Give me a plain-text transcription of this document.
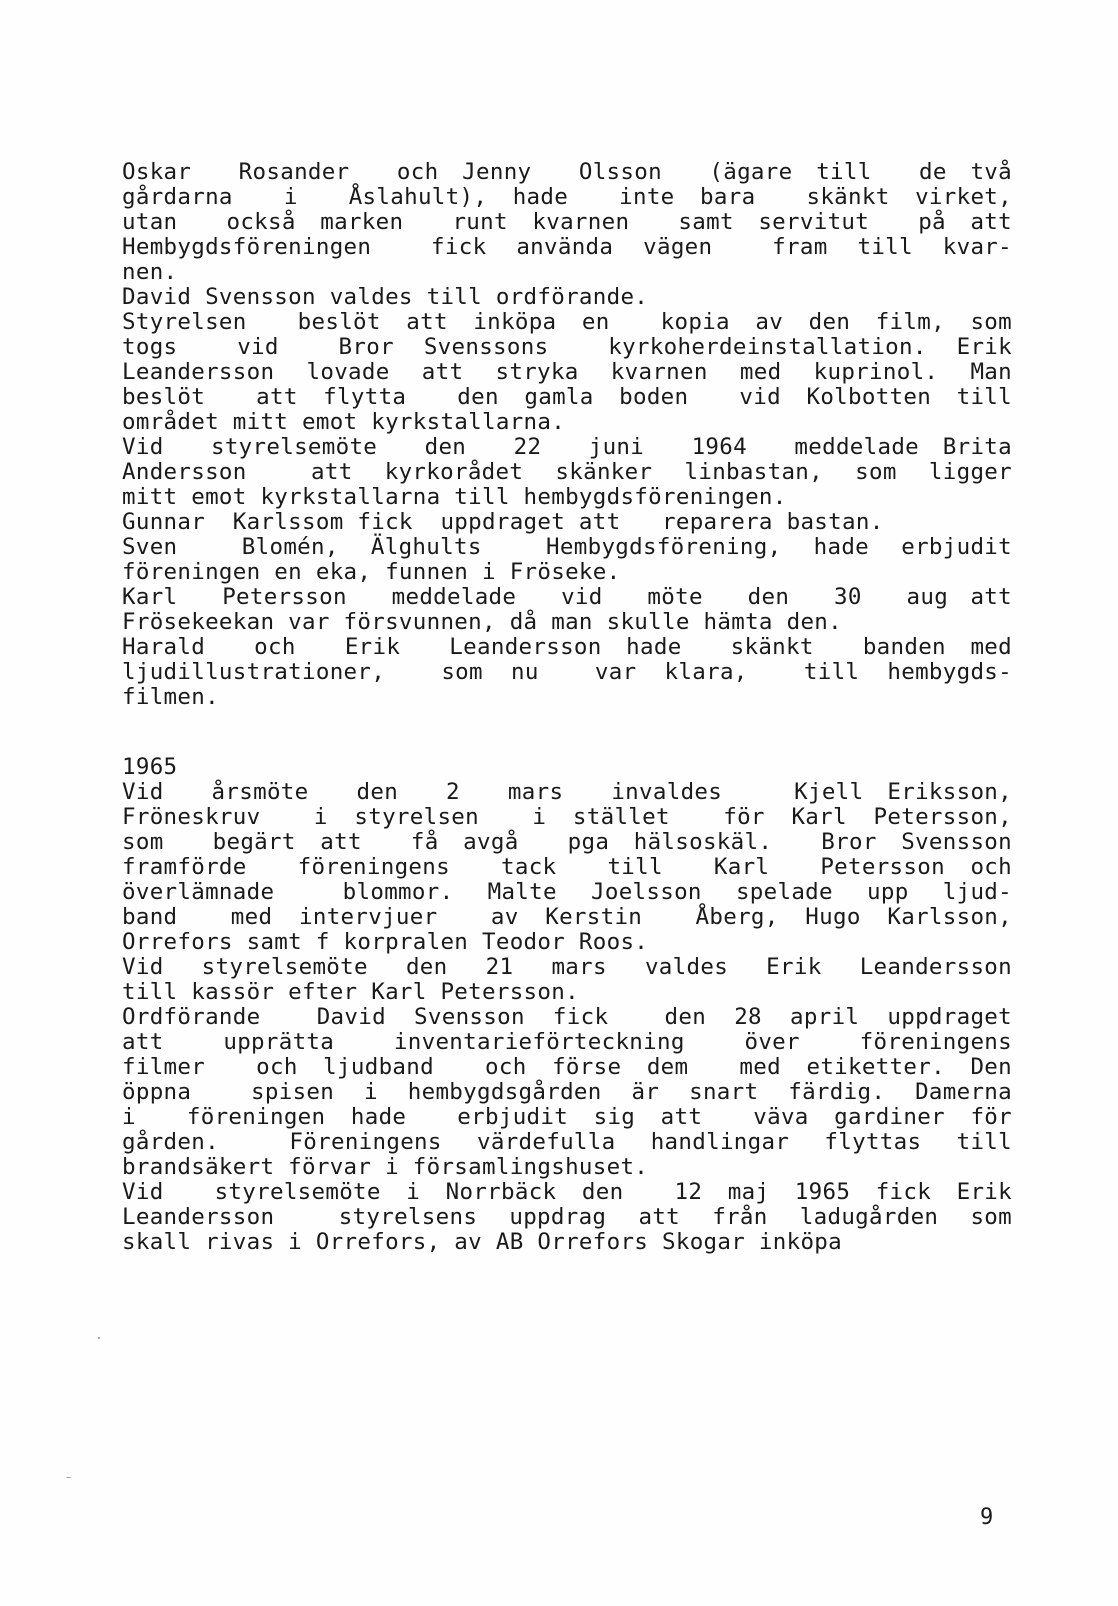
Oskar  Rosander  och Jenny  Olsson  (ägare till  de två
gårdarna  i  Åslahult), hade  inte bara  skänkt virket,
utan  också marken  runt kvarnen  samt servitut  på att
Hembygdsföreningen  fick använda vägen  fram till kvar-
nen.
David Svensson valdes till ordförande.
Styrelsen  beslöt att inköpa en  kopia av den film, som
togs  vid  Bror Svenssons  kyrkoherdeinstallation. Erik
Leandersson lovade att stryka kvarnen med kuprinol. Man
beslöt  att flytta  den gamla boden  vid Kolbotten till
området mitt emot kyrkstallarna.
Vid  styrelsemöte  den  22  juni  1964  meddelade Brita
Andersson  att kyrkorådet skänker linbastan, som ligger
mitt emot kyrkstallarna till hembygdsföreningen.
Gunnar  Karlssom fick  uppdraget att   reparera bastan.
Sven  Blomén, Älghults  Hembygdsförening, hade erbjudit
föreningen en eka, funnen i Fröseke.
Karl  Petersson  meddelade  vid  möte  den  30  aug att
Frösekeekan var försvunnen, då man skulle hämta den.
Harald  och  Erik  Leandersson hade  skänkt  banden med
ljudillustrationer,  som nu  var klara,  till hembygds-
filmen.
1965
Vid  årsmöte  den  2  mars  invaldes   Kjell Eriksson,
Fröneskruv  i styrelsen  i stället  för Karl Petersson,
som  begärt att  få avgå  pga hälsoskäl.  Bror Svensson
framförde  föreningens  tack  till  Karl  Petersson och
överlämnade  blommor. Malte Joelsson spelade upp ljud-
band  med intervjuer  av Kerstin  Åberg, Hugo Karlsson,
Orrefors samt f korpralen Teodor Roos.
Vid styrelsemöte den 21 mars valdes Erik Leandersson
till kassör efter Karl Petersson.
Ordförande  David Svensson fick  den 28 april uppdraget
att  upprätta  inventarieförteckning  över  föreningens
filmer  och ljudband  och förse dem  med etiketter. Den
öppna  spisen i hembygdsgården är snart färdig. Damerna
i  föreningen hade  erbjudit sig att  väva gardiner för
gården.  Föreningens värdefulla handlingar flyttas till
brandsäkert förvar i församlingshuset.
Vid  styrelsemöte i Norrbäck den  12 maj 1965 fick Erik
Leandersson  styrelsens uppdrag att från ladugården som
skall rivas i Orrefors, av AB Orrefors Skogar inköpa
9
